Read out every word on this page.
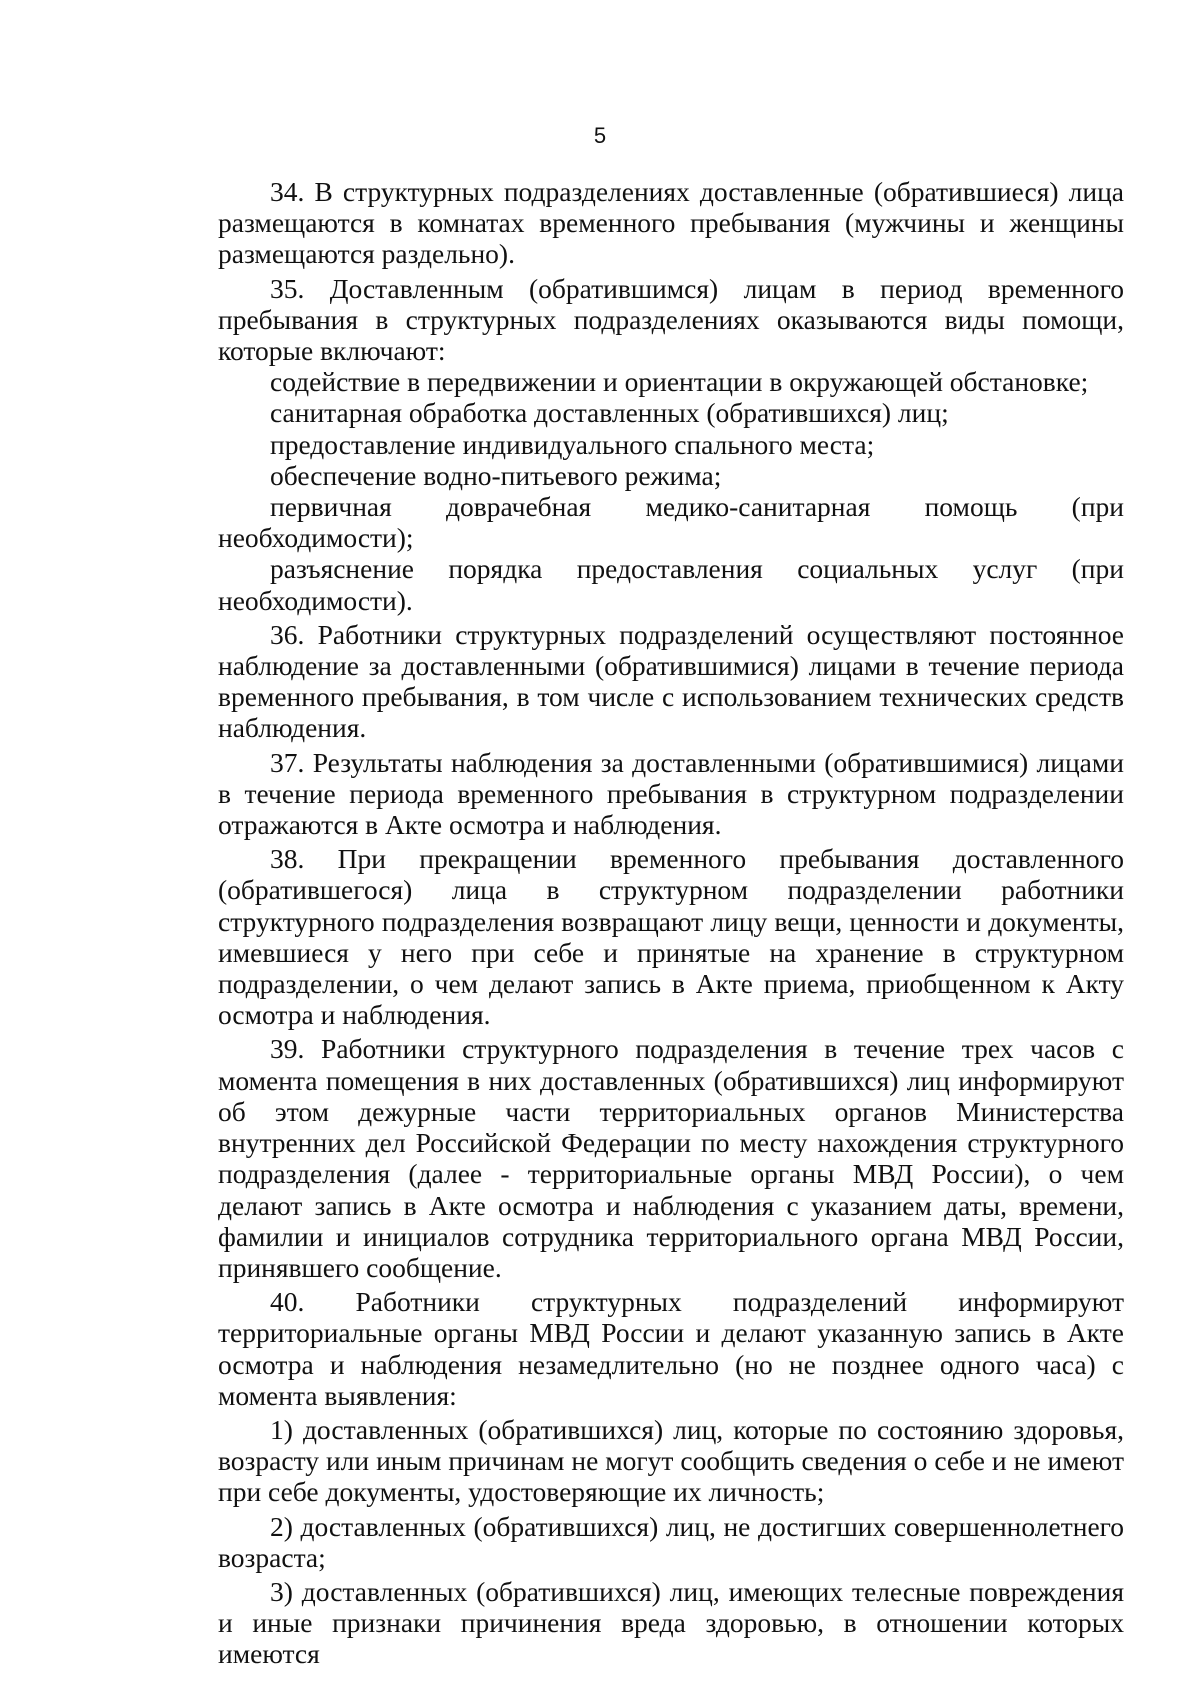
5

34. В структурных подразделениях доставленные (обратившиеся) лица размещаются в комнатах временного пребывания (мужчины и женщины размещаются раздельно).

35. Доставленным (обратившимся) лицам в период временного пребывания в структурных подразделениях оказываются виды помощи, которые включают:

содействие в передвижении и ориентации в окружающей обстановке;

санитарная обработка доставленных (обратившихся) лиц;

предоставление индивидуального спального места;

обеспечение водно-питьевого режима;

первичная доврачебная медико-санитарная помощь (при необходимости);

разъяснение порядка предоставления социальных услуг (при необходимости).

36. Работники структурных подразделений осуществляют постоянное наблюдение за доставленными (обратившимися) лицами в течение периода временного пребывания, в том числе с использованием технических средств наблюдения.

37. Результаты наблюдения за доставленными (обратившимися) лицами в течение периода временного пребывания в структурном подразделении отражаются в Акте осмотра и наблюдения.

38. При прекращении временного пребывания доставленного (обратившегося) лица в структурном подразделении работники структурного подразделения возвращают лицу вещи, ценности и документы, имевшиеся у него при себе и принятые на хранение в структурном подразделении, о чем делают запись в Акте приема, приобщенном к Акту осмотра и наблюдения.

39. Работники структурного подразделения в течение трех часов с момента помещения в них доставленных (обратившихся) лиц информируют об этом дежурные части территориальных органов Министерства внутренних дел Российской Федерации по месту нахождения структурного подразделения (далее - территориальные органы МВД России), о чем делают запись в Акте осмотра и наблюдения с указанием даты, времени, фамилии и инициалов сотрудника территориального органа МВД России, принявшего сообщение.

40. Работники структурных подразделений информируют территориальные органы МВД России и делают указанную запись в Акте осмотра и наблюдения незамедлительно (но не позднее одного часа) с момента выявления:

1) доставленных (обратившихся) лиц, которые по состоянию здоровья, возрасту или иным причинам не могут сообщить сведения о себе и не имеют при себе документы, удостоверяющие их личность;

2) доставленных (обратившихся) лиц, не достигших совершеннолетнего возраста;

3) доставленных (обратившихся) лиц, имеющих телесные повреждения и иные признаки причинения вреда здоровью, в отношении которых имеются
